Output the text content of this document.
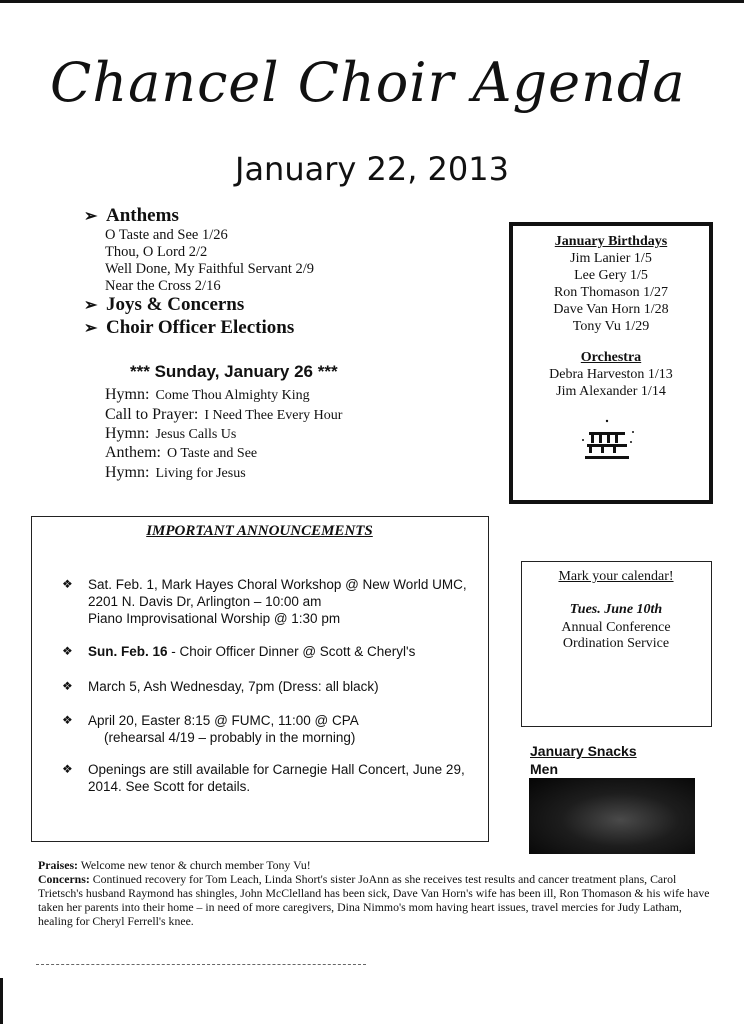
Chancel Choir Agenda
January 22, 2013
➢ Anthems
O Taste and See 1/26
Thou, O Lord 2/2
Well Done, My Faithful Servant 2/9
Near the Cross 2/16
➢ Joys & Concerns
➢ Choir Officer Elections
*** Sunday, January 26 ***
Hymn: Come Thou Almighty King
Call to Prayer: I Need Thee Every Hour
Hymn: Jesus Calls Us
Anthem: O Taste and See
Hymn: Living for Jesus
January Birthdays
Jim Lanier 1/5
Lee Gery 1/5
Ron Thomason 1/27
Dave Van Horn 1/28
Tony Vu 1/29
Orchestra
Debra Harveston 1/13
Jim Alexander 1/14
IMPORTANT ANNOUNCEMENTS
❖ Sat. Feb. 1, Mark Hayes Choral Workshop @ New World UMC, 2201 N. Davis Dr, Arlington – 10:00 am
Piano Improvisational Worship @ 1:30 pm
❖ Sun. Feb. 16 - Choir Officer Dinner @ Scott & Cheryl's
❖ March 5, Ash Wednesday, 7pm (Dress: all black)
❖ April 20, Easter 8:15 @ FUMC, 11:00 @ CPA
(rehearsal 4/19 – probably in the morning)
❖ Openings are still available for Carnegie Hall Concert, June 29, 2014. See Scott for details.
Mark your calendar!
Tues. June 10th
Annual Conference
Ordination Service
January Snacks
Men
Praises: Welcome new tenor & church member Tony Vu!
Concerns: Continued recovery for Tom Leach, Linda Short's sister JoAnn as she receives test results and cancer treatment plans, Carol Trietsch's husband Raymond has shingles, John McClelland has been sick, Dave Van Horn's wife has been ill, Ron Thomason & his wife have taken her parents into their home – in need of more caregivers, Dina Nimmo's mom having heart issues, travel mercies for Judy Latham, healing for Cheryl Ferrell's knee.
